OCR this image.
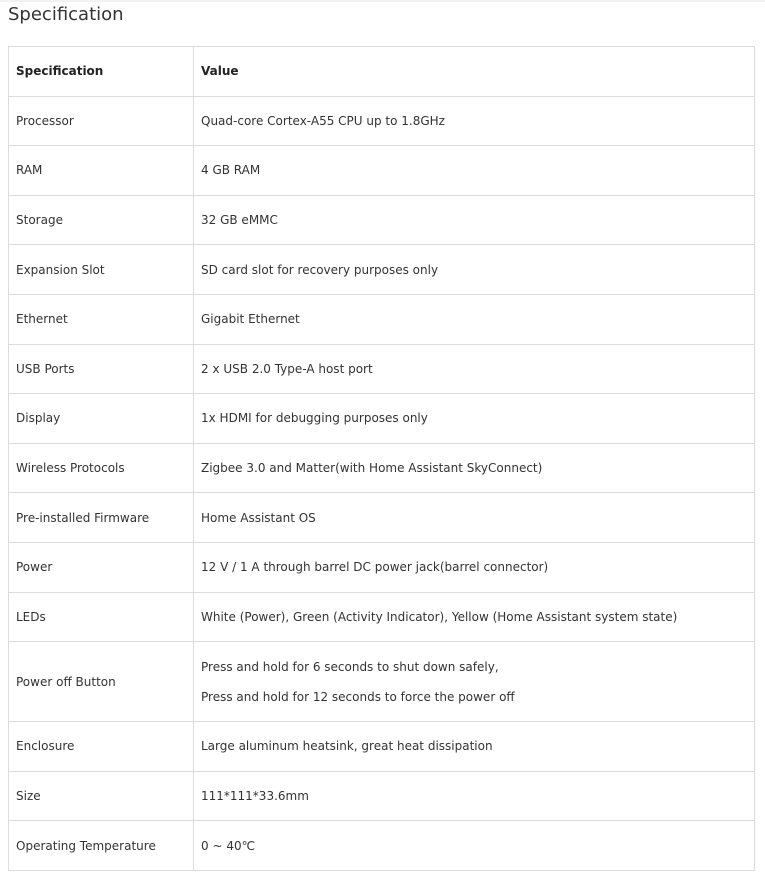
Specification
Specification	Value
Processor	Quad-core Cortex-A55 CPU up to 1.8GHz
RAM	4 GB RAM
Storage	32 GB eMMC
Expansion Slot	SD card slot for recovery purposes only
Ethernet	Gigabit Ethernet
USB Ports	2 x USB 2.0 Type-A host port
Display	1x HDMI for debugging purposes only
Wireless Protocols	Zigbee 3.0 and Matter(with Home Assistant SkyConnect)
Pre-installed Firmware	Home Assistant OS
Power	12 V / 1 A through barrel DC power jack(barrel connector)
LEDs	White (Power), Green (Activity Indicator), Yellow (Home Assistant system state)
Power off Button	Press and hold for 6 seconds to shut down safely,
Press and hold for 12 seconds to force the power off

Enclosure	Large aluminum heatsink, great heat dissipation
Size	111*111*33.6mm
Operating Temperature	0 ~ 40℃
